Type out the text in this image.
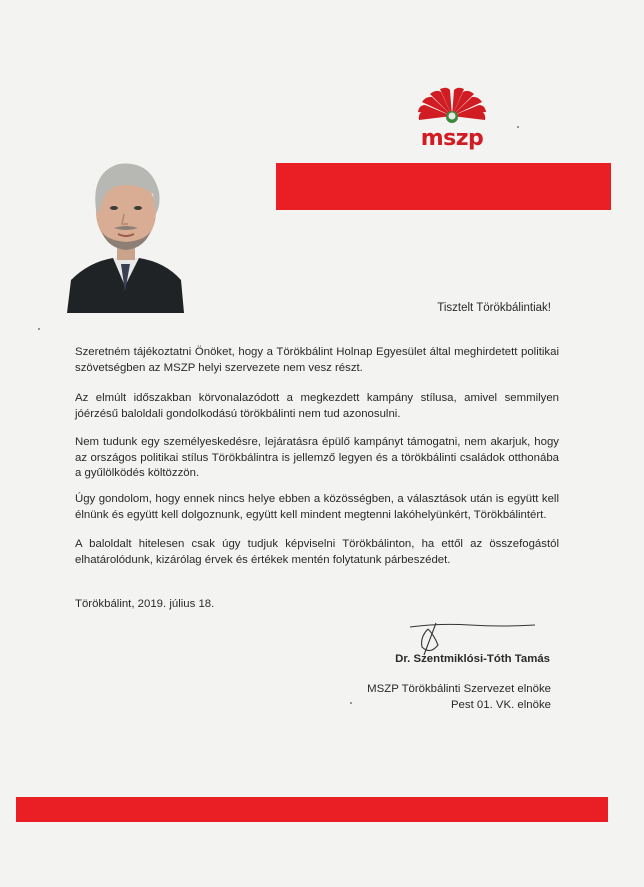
mszp
Tisztelt Törökbálintiak!

Szeretném tájékoztatni Önöket, hogy a Törökbálint Holnap Egyesület által meghirdetett politikai szövetségben az MSZP helyi szervezete nem vesz részt.

Az elmúlt időszakban körvonalazódott a megkezdett kampány stílusa, amivel semmilyen jóérzésű baloldali gondolkodású törökbálinti nem tud azonosulni.

Nem tudunk egy személyeskedésre, lejáratásra épülő kampányt támogatni, nem akarjuk, hogy az országos politikai stílus Törökbálintra is jellemző legyen és a törökbálinti családok otthonába a gyűlölködés költözzön.

Úgy gondolom, hogy ennek nincs helye ebben a közösségben, a választások után is együtt kell élnünk és együtt kell dolgoznunk, együtt kell mindent megtenni lakóhelyünkért, Törökbálintért.

A baloldalt hitelesen csak úgy tudjuk képviselni Törökbálinton, ha ettől az összefogástól elhatárolódunk, kizárólag érvek és értékek mentén folytatunk párbeszédet.

Törökbálint, 2019. július 18.
Dr. Szentmiklósi-Tóth Tamás
MSZP Törökbálinti Szervezet elnöke
Pest 01. VK. elnöke
